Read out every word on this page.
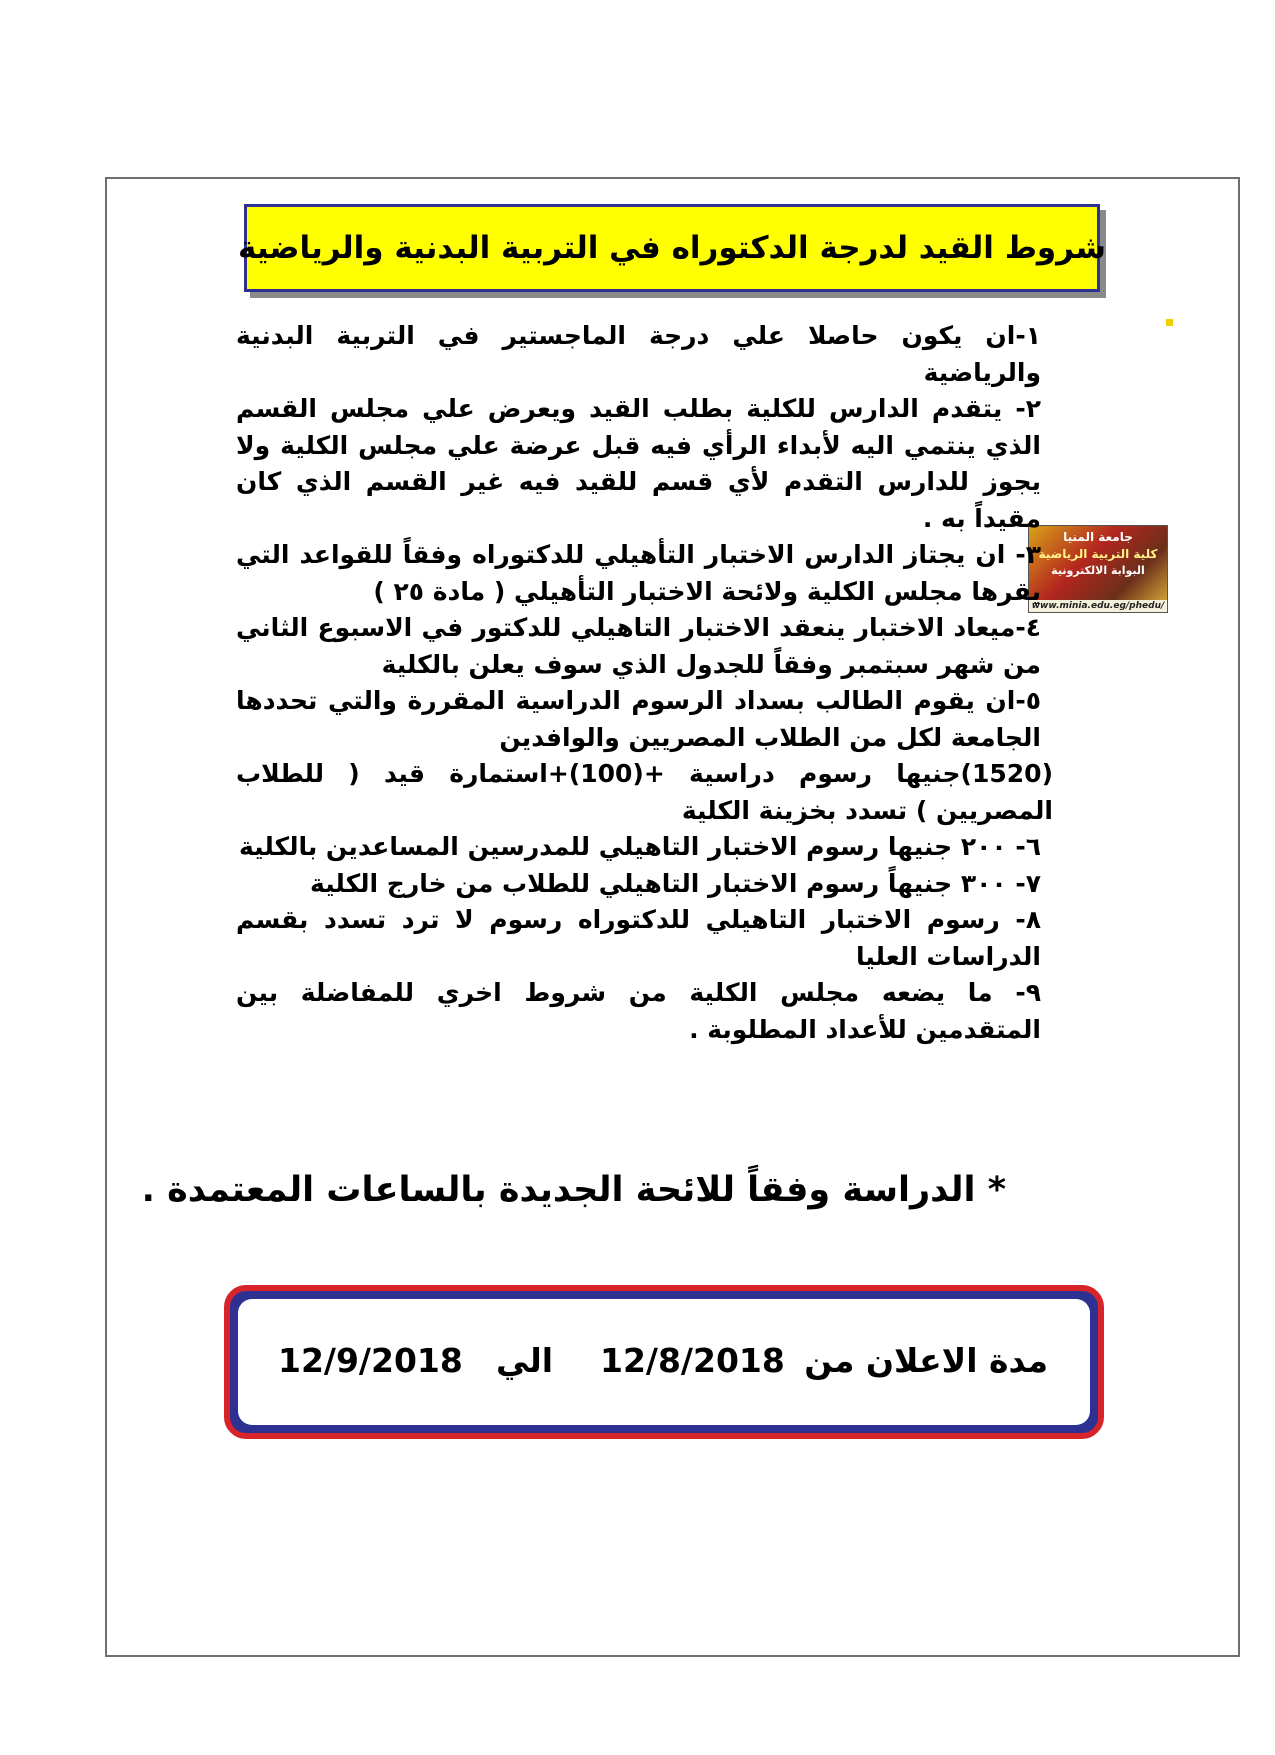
شروط القيد لدرجة الدكتوراه في التربية البدنية والرياضية
جامعة المنيا
كلية التربية الرياضية
البوابة الالكترونية
www.minia.edu.eg/phedu/

١-ان يكون حاصلا علي درجة الماجستير في التربية البدنية والرياضية

٢- يتقدم الدارس للكلية بطلب القيد ويعرض علي مجلس القسم الذي ينتمي اليه لأبداء الرأي فيه قبل عرضة علي مجلس الكلية ولا يجوز للدارس التقدم لأي قسم للقيد فيه غير القسم الذي كان مقيداً به .

٣- ان يجتاز الدارس الاختبار التأهيلي للدكتوراه وفقاً للقواعد التي يقرها مجلس الكلية ولائحة الاختبار التأهيلي ( مادة ٢٥ )

٤-ميعاد الاختبار ينعقد الاختبار التاهيلي للدكتور في الاسبوع الثاني من شهر سبتمبر وفقاً للجدول الذي سوف يعلن بالكلية

٥-ان يقوم الطالب بسداد الرسوم الدراسية المقررة والتي تحددها الجامعة لكل من الطلاب المصريين والوافدين

(1520)جنيها رسوم دراسية +(100)+استمارة قيد ( للطلاب المصريين ) تسدد بخزينة الكلية

٦- ٢٠٠ جنيها رسوم الاختبار التاهيلي للمدرسين المساعدين بالكلية

٧- ٣٠٠ جنيهاً رسوم الاختبار التاهيلي للطلاب من خارج الكلية

٨- رسوم الاختبار التاهيلي للدكتوراه رسوم لا ترد تسدد بقسم الدراسات العليا

٩- ما يضعه مجلس الكلية من شروط اخري للمفاضلة بين المتقدمين للأعداد المطلوبة .

* الدراسة وفقاً للائحة الجديدة بالساعات المعتمدة .
مدة الاعلان من
12/8/2018
الي
12/9/2018
